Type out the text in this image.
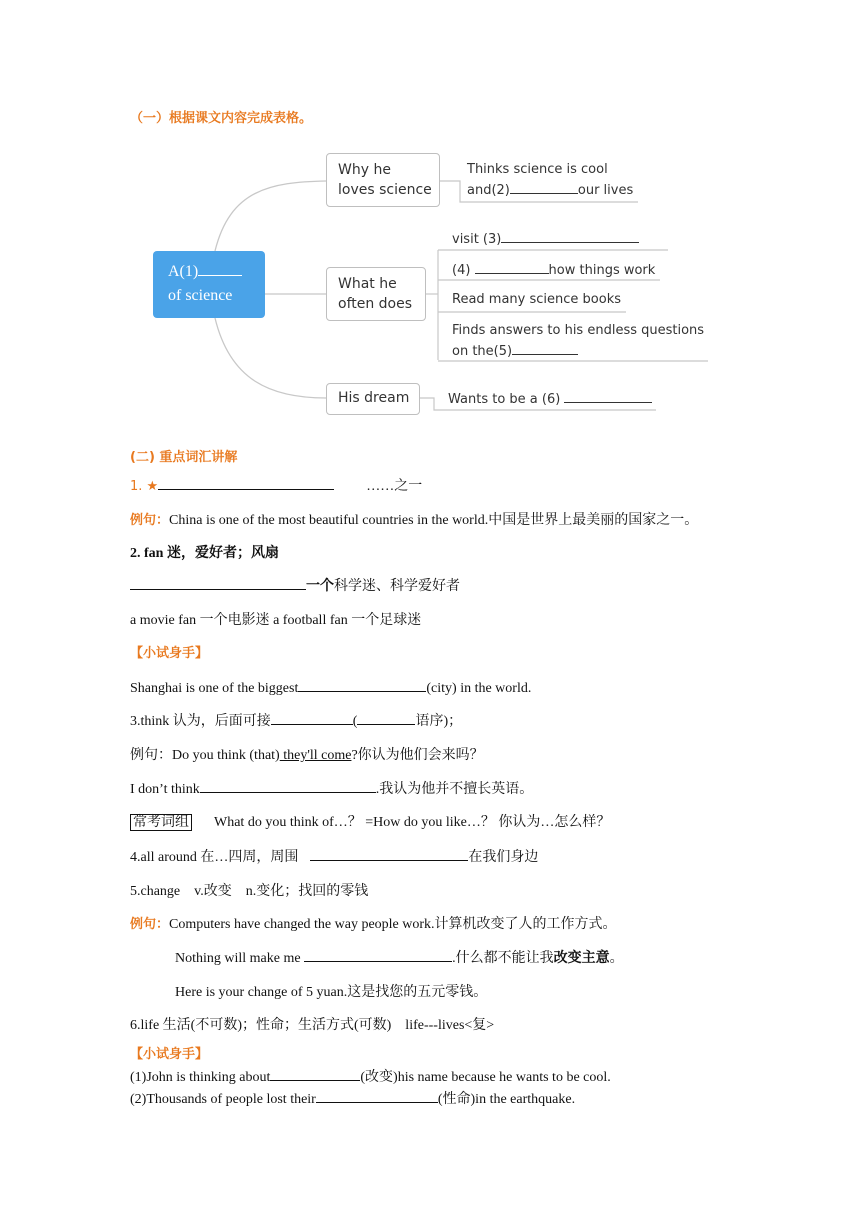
（一）根据课文内容完成表格。
A(1)
of science
Why he
loves science
Thinks science is cool
and(2)	our lives
What he
often does
visit (3)
(4)	how things work
Read many science books
Finds answers to his endless questions
on the(5)
His dream	Wants to be a (6)
(二) 重点词汇讲解
1. ★	……之一
例句：China is one of the most beautiful countries in the world.中国是世界上最美丽的国家之一。
2. fan 迷，爱好者；风扇
一个科学迷、科学爱好者
a movie fan 一个电影迷 a football fan 一个足球迷
【小试身手】
Shanghai is one of the biggest	(city) in the world.
3.think 认为，后面可接	(	语序)；
例句：Do you think (that) they'll come?你认为他们会来吗？
I don’t think	.我认为他并不擅长英语。
常考词组 What do you think of…？ =How do you like…？ 你认为…怎么样？
4.all around 在…四周，周围	在我们身边
5.change    v.改变    n.变化；找回的零钱
例句：Computers have changed the way people work.计算机改变了人的工作方式。
Nothing will make me	.什么都不能让我改变主意。
Here is your change of 5 yuan.这是找您的五元零钱。
6.life 生活(不可数)；性命；生活方式(可数)    life---lives<复>
【小试身手】
(1)John is thinking about	(改变)his name because he wants to be cool.
(2)Thousands of people lost their	(性命)in the earthquake.
